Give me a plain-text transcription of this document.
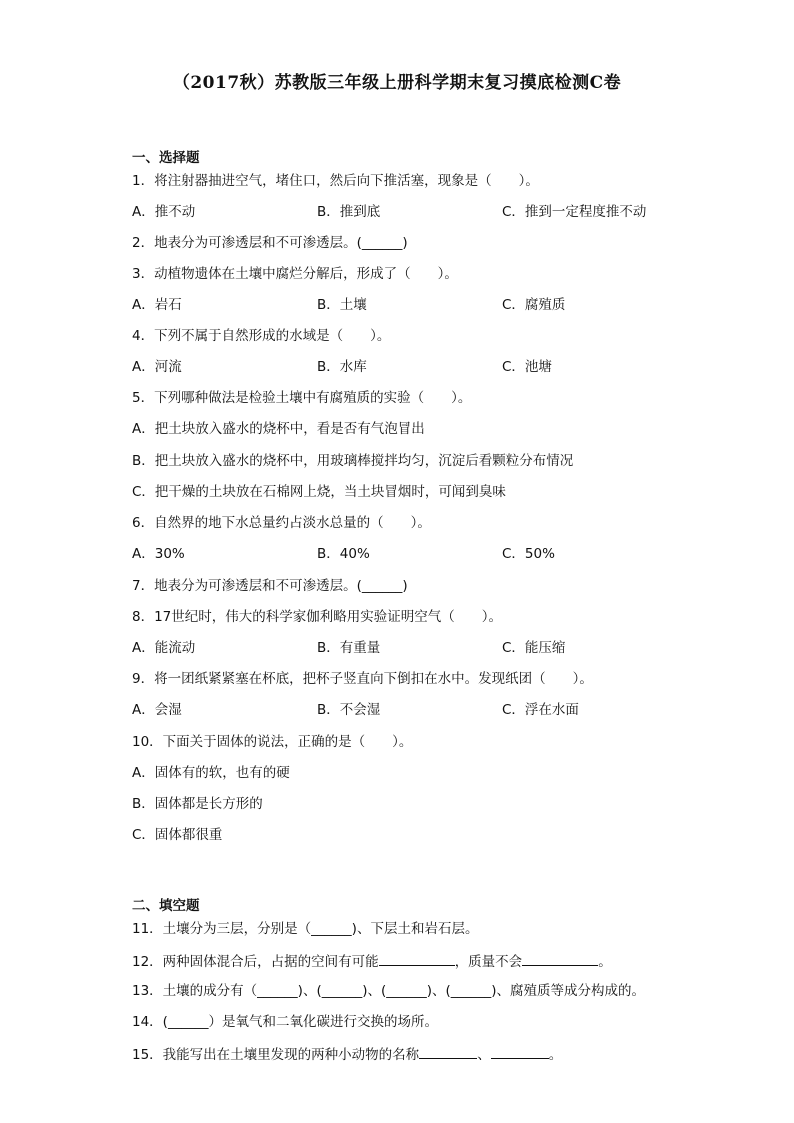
（2017秋）苏教版三年级上册科学期末复习摸底检测C卷
一、选择题
1．将注射器抽进空气，堵住口，然后向下推活塞，现象是（　　）。
A．推不动	B．推到底	C．推到一定程度推不动
2．地表分为可渗透层和不可渗透层。(______)
3．动植物遗体在土壤中腐烂分解后，形成了（　　）。
A．岩石	B．土壤	C．腐殖质
4．下列不属于自然形成的水域是（　　）。
A．河流	B．水库	C．池塘
5．下列哪种做法是检验土壤中有腐殖质的实验（　　）。
A．把土块放入盛水的烧杯中，看是否有气泡冒出
B．把土块放入盛水的烧杯中，用玻璃棒搅拌均匀，沉淀后看颗粒分布情况
C．把干燥的土块放在石棉网上烧，当土块冒烟时，可闻到臭味
6．自然界的地下水总量约占淡水总量的（　　）。
A．30%	B．40%	C．50%
7．地表分为可渗透层和不可渗透层。(______)
8．17世纪时，伟大的科学家伽利略用实验证明空气（　　）。
A．能流动	B．有重量	C．能压缩
9．将一团纸紧紧塞在杯底，把杯子竖直向下倒扣在水中。发现纸团（　　）。
A．会湿	B．不会湿	C．浮在水面
10．下面关于固体的说法，正确的是（　　）。
A．固体有的软，也有的硬
B．固体都是长方形的
C．固体都很重
二、填空题
11．土壤分为三层，分别是（______)、下层土和岩石层。
12．两种固体混合后，占据的空间有可能	，质量不会	。
13．土壤的成分有（______)、(______)、(______)、(______)、腐殖质等成分构成的。
14．(______）是氧气和二氧化碳进行交换的场所。
15．我能写出在土壤里发现的两种小动物的名称	、	。
